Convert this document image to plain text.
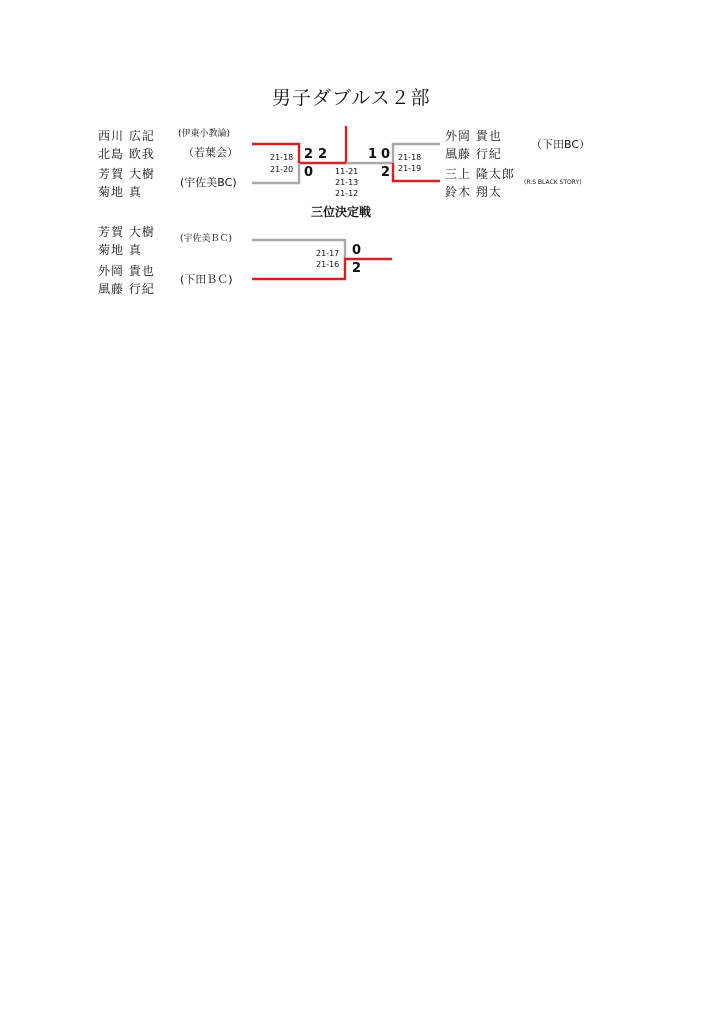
男子ダブルス２部
西川 広記
北島 欧我
(伊東小教論)
（若葉会）
芳賀 大樹
菊地 真
(宇佐美BC)
21-18
21-20
2
0
2	1
11-21
21-13
21-12
0
2
21-18
21-19
外岡 貴也
風藤 行紀
（下田BC）
三上 隆太郎
鈴木 翔太
(R.S BLACK STORY)
三位決定戦
芳賀 大樹
菊地 真
(宇佐美ＢＣ)
外岡 貴也
風藤 行紀
(下田ＢＣ)
21-17
21-16
0
2
